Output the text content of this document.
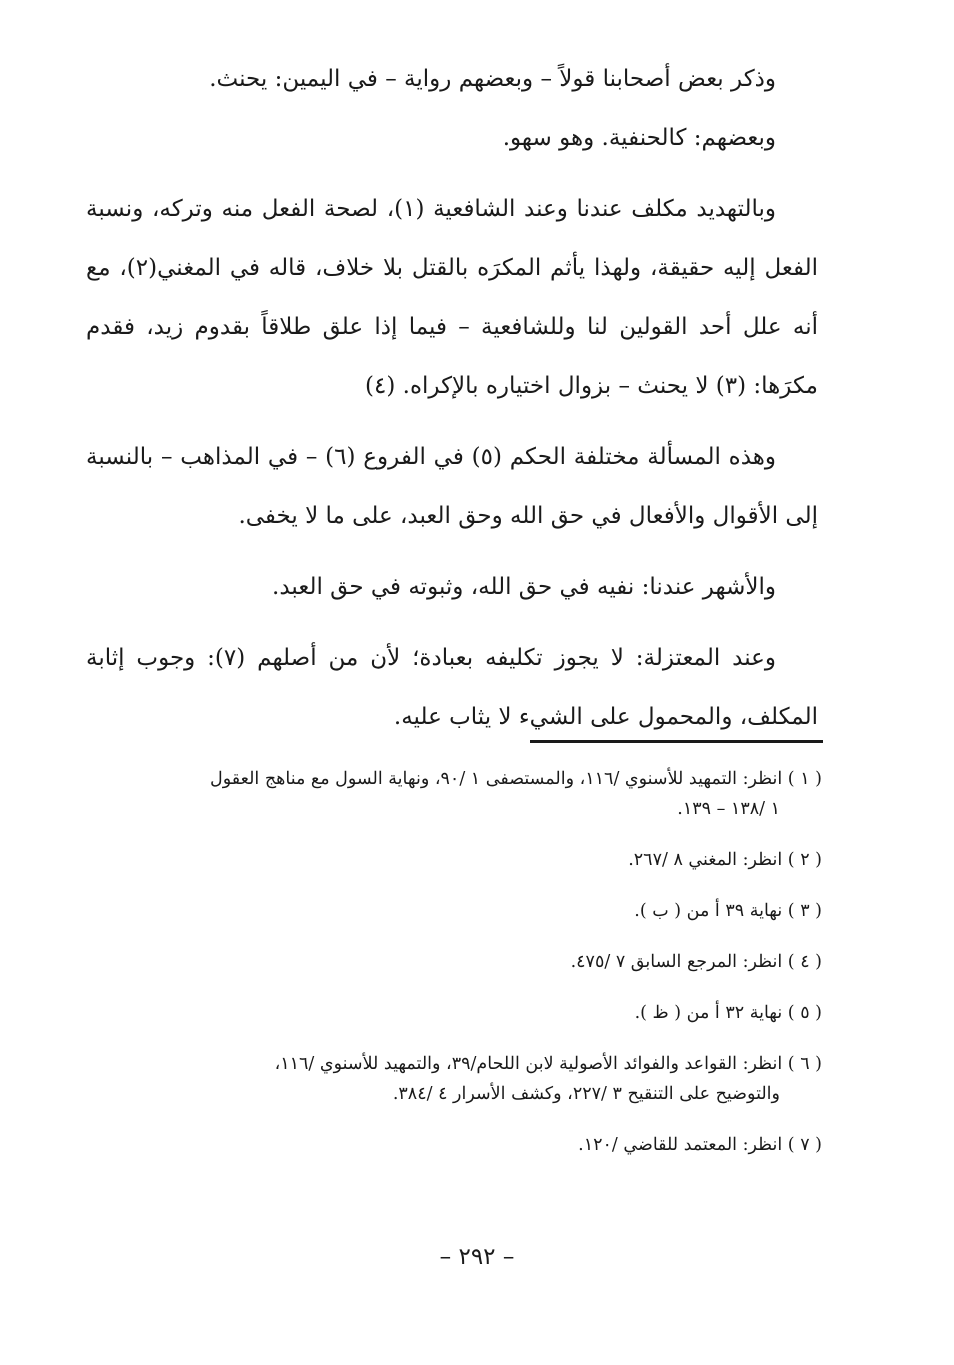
وذكر بعض أصحابنا قولاً – وبعضهم رواية – في اليمين: يحنث.

وبعضهم: كالحنفية. وهو سهو.

وبالتهديد مكلف عندنا وعند الشافعية (١)، لصحة الفعل منه وتركه، ونسبة الفعل إليه حقيقة، ولهذا يأثم المكرَه بالقتل بلا خلاف، قاله في المغني(٢)، مع أنه علل أحد القولين لنا وللشافعية – فيما إذا علق طلاقاً بقدوم زيد، فقدم مكرَها: (٣) لا يحنث – بزوال اختياره بالإكراه. (٤)

وهذه المسألة مختلفة الحكم (٥) في الفروع (٦) – في المذاهب – بالنسبة إلى الأقوال والأفعال في حق الله وحق العبد، على ما لا يخفى.

والأشهر عندنا: نفيه في حق الله، وثبوته في حق العبد.

وعند المعتزلة: لا يجوز تكليفه بعبادة؛ لأن من أصلهم (٧): وجوب إثابة المكلف، والمحمول على الشيء لا يثاب عليه.

( ١ ) انظر: التمهيد للأسنوي /١١٦، والمستصفى ١ /٩٠، ونهاية السول مع مناهج العقول
١ /١٣٨ – ١٣٩.

( ٢ ) انظر: المغني ٨ /٢٦٧.

( ٣ ) نهاية ٣٩ أ من ( ب ).

( ٤ ) انظر: المرجع السابق ٧ /٤٧٥.

( ٥ ) نهاية ٣٢ أ من ( ظ ).

( ٦ ) انظر: القواعد والفوائد الأصولية لابن اللحام/٣٩، والتمهيد للأسنوي /١١٦،
والتوضيح على التنقيح ٣ /٢٢٧، وكشف الأسرار ٤ /٣٨٤.

( ٧ ) انظر: المعتمد للقاضي /١٢٠.

– ٢٩٢ –
